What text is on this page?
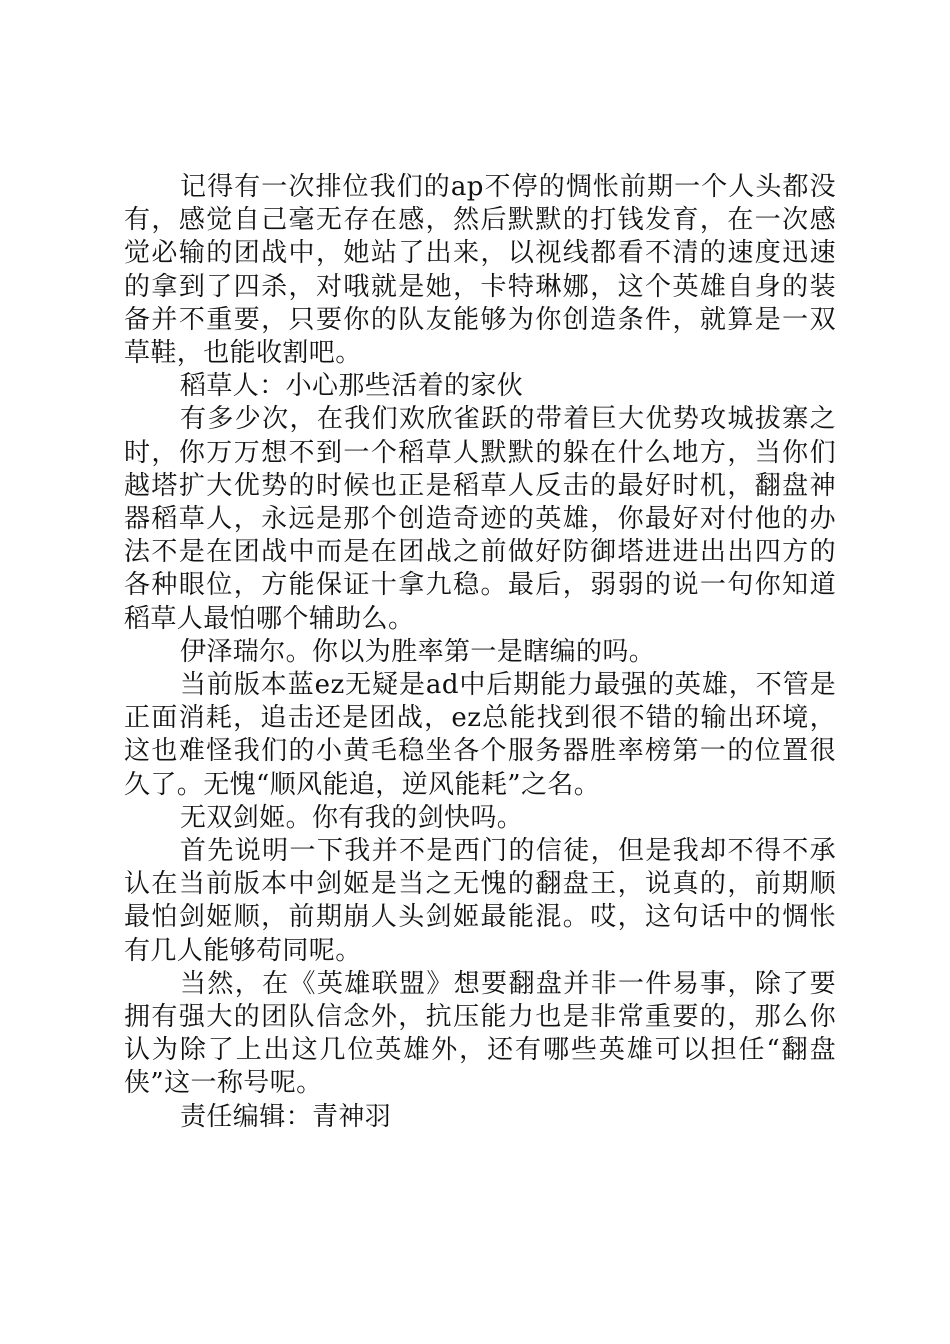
记得有一次排位我们的ap不停的惆怅前期一个人头都没有，感觉自己毫无存在感，然后默默的打钱发育，在一次感觉必输的团战中，她站了出来，以视线都看不清的速度迅速的拿到了四杀，对哦就是她，卡特琳娜，这个英雄自身的装备并不重要，只要你的队友能够为你创造条件，就算是一双草鞋，也能收割吧。

稻草人：小心那些活着的家伙

有多少次，在我们欢欣雀跃的带着巨大优势攻城拔寨之时，你万万想不到一个稻草人默默的躲在什么地方，当你们越塔扩大优势的时候也正是稻草人反击的最好时机，翻盘神器稻草人，永远是那个创造奇迹的英雄，你最好对付他的办法不是在团战中而是在团战之前做好防御塔进进出出四方的各种眼位，方能保证十拿九稳。最后，弱弱的说一句你知道稻草人最怕哪个辅助么。

伊泽瑞尔。你以为胜率第一是瞎编的吗。

当前版本蓝ez无疑是ad中后期能力最强的英雄，不管是正面消耗，追击还是团战，ez总能找到很不错的输出环境，这也难怪我们的小黄毛稳坐各个服务器胜率榜第一的位置很久了。无愧“顺风能追，逆风能耗”之名。

无双剑姬。你有我的剑快吗。

首先说明一下我并不是西门的信徒，但是我却不得不承认在当前版本中剑姬是当之无愧的翻盘王，说真的，前期顺最怕剑姬顺，前期崩人头剑姬最能混。哎，这句话中的惆怅有几人能够苟同呢。

当然，在《英雄联盟》想要翻盘并非一件易事，除了要拥有强大的团队信念外，抗压能力也是非常重要的，那么你认为除了上出这几位英雄外，还有哪些英雄可以担任“翻盘侠”这一称号呢。

责任编辑：青神羽
